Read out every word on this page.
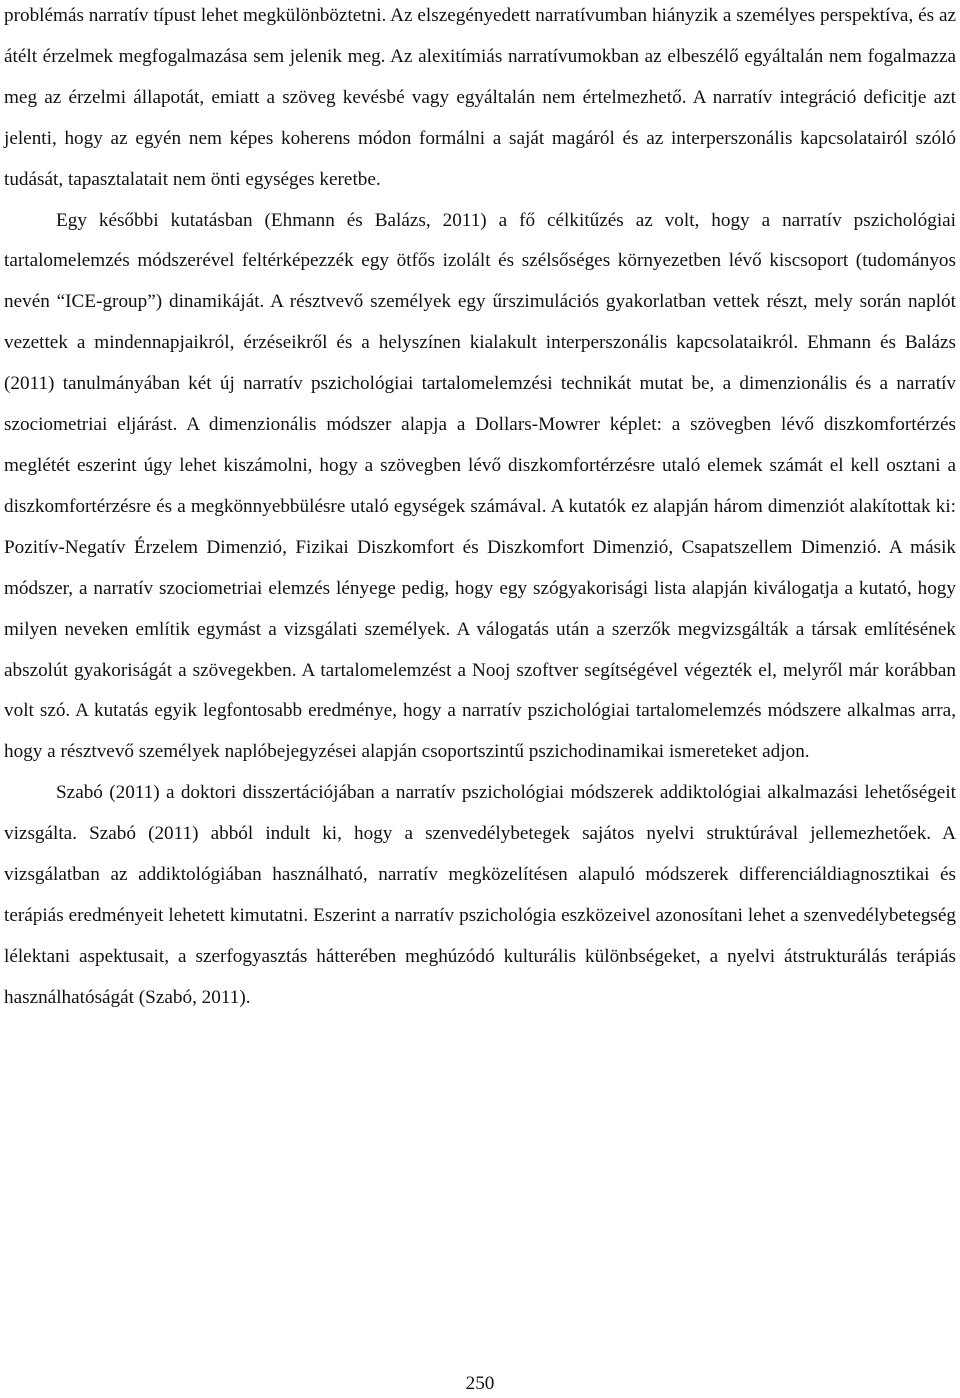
problémás narratív típust lehet megkülönböztetni. Az elszegényedett narratívumban hiányzik a személyes perspektíva, és az átélt érzelmek megfogalmazása sem jelenik meg. Az alexitímiás narratívumokban az elbeszélő egyáltalán nem fogalmazza meg az érzelmi állapotát, emiatt a szöveg kevésbé vagy egyáltalán nem értelmezhető. A narratív integráció deficitje azt jelenti, hogy az egyén nem képes koherens módon formálni a saját magáról és az interperszonális kapcsolatairól szóló tudását, tapasztalatait nem önti egységes keretbe.

Egy későbbi kutatásban (Ehmann és Balázs, 2011) a fő célkitűzés az volt, hogy a narratív pszichológiai tartalomelemzés módszerével feltérképezzék egy ötfős izolált és szélsőséges környezetben lévő kiscsoport (tudományos nevén “ICE-group”) dinamikáját. A résztvevő személyek egy űrszimulációs gyakorlatban vettek részt, mely során naplót vezettek a mindennapjaikról, érzéseikről és a helyszínen kialakult interperszonális kapcsolataikról. Ehmann és Balázs (2011) tanulmányában két új narratív pszichológiai tartalomelemzési technikát mutat be, a dimenzionális és a narratív szociometriai eljárást. A dimenzionális módszer alapja a Dollars-Mowrer képlet: a szövegben lévő diszkomfortérzés meglétét eszerint úgy lehet kiszámolni, hogy a szövegben lévő diszkomfortérzésre utaló elemek számát el kell osztani a diszkomfortérzésre és a megkönnyebbülésre utaló egységek számával. A kutatók ez alapján három dimenziót alakítottak ki: Pozitív-Negatív Érzelem Dimenzió, Fizikai Diszkomfort és Diszkomfort Dimenzió, Csapatszellem Dimenzió. A másik módszer, a narratív szociometriai elemzés lényege pedig, hogy egy szógyakorisági lista alapján kiválogatja a kutató, hogy milyen neveken említik egymást a vizsgálati személyek. A válogatás után a szerzők megvizsgálták a társak említésének abszolút gyakoriságát a szövegekben. A tartalomelemzést a Nooj szoftver segítségével végezték el, melyről már korábban volt szó. A kutatás egyik legfontosabb eredménye, hogy a narratív pszichológiai tartalomelemzés módszere alkalmas arra, hogy a résztvevő személyek naplóbejegyzései alapján csoportszintű pszichodinamikai ismereteket adjon.

Szabó (2011) a doktori disszertációjában a narratív pszichológiai módszerek addiktológiai alkalmazási lehetőségeit vizsgálta. Szabó (2011) abból indult ki, hogy a szenvedélybetegek sajátos nyelvi struktúrával jellemezhetőek. A vizsgálatban az addiktológiában használható, narratív megközelítésen alapuló módszerek differenciáldiagnosztikai és terápiás eredményeit lehetett kimutatni. Eszerint a narratív pszichológia eszközeivel azonosítani lehet a szenvedélybetegség lélektani aspektusait, a szerfogyasztás hátterében meghúzódó kulturális különbségeket, a nyelvi átstrukturálás terápiás használhatóságát (Szabó, 2011).

250
